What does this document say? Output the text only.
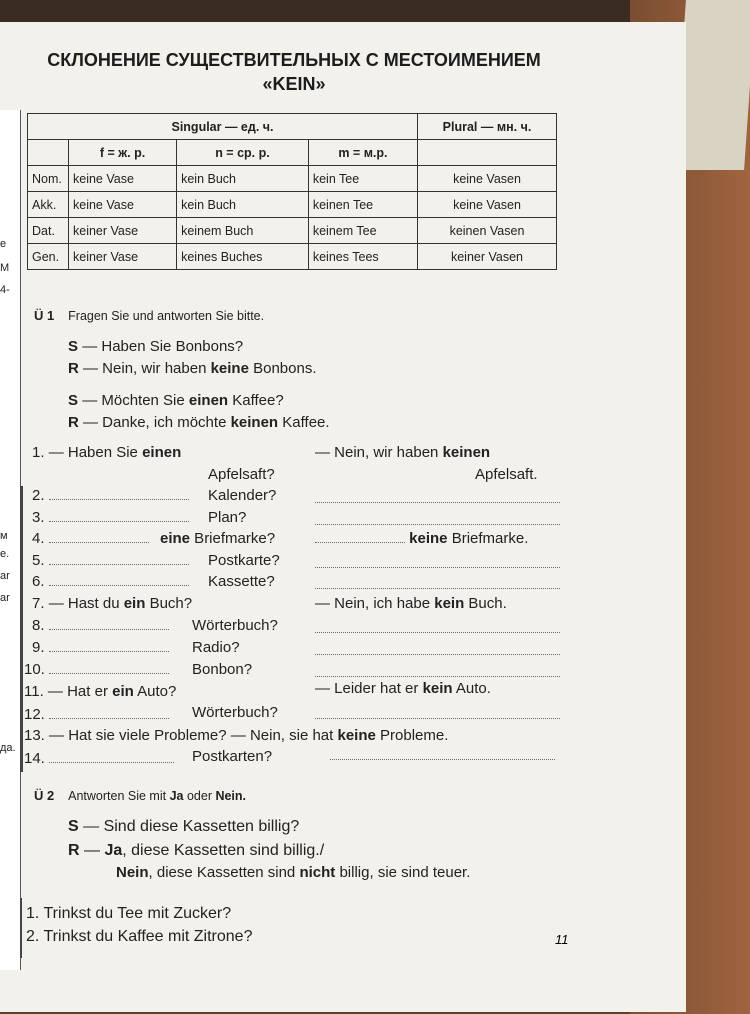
e
M
4-
м
е.
ar
ar
да.
СКЛОНЕНИЕ СУЩЕСТВИТЕЛЬНЫХ С МЕСТОИМЕНИЕМ
«KEIN»
Singular — ед. ч.				Plural — мн. ч.
	f = ж. р.	n = ср. р.	m = м.р.	
Nom.	keine Vase	kein Buch	kein Tee	keine Vasen
Akk.	keine Vase	kein Buch	keinen Tee	keine Vasen
Dat.	keiner Vase	keinem Buch	keinem Tee	keinen Vasen
Gen.	keiner Vase	keines Buches	keines Tees	keiner Vasen
Ü 1 Fragen Sie und antworten Sie bitte.
S — Haben Sie Bonbons?
R — Nein, wir haben keine Bonbons.
S — Möchten Sie einen Kaffee?
R — Danke, ich möchte keinen Kaffee.
1. — Haben Sie einen	— Nein, wir haben keinen
Apfelsaft?	Apfelsaft.
2.	Kalender?
3.	Plan?
4.	eine Briefmarke?	keine Briefmarke.
5.	Postkarte?
6.	Kassette?
7. — Hast du ein Buch?	— Nein, ich habe kein Buch.
8.	Wörterbuch?
9.	Radio?
10.	Bonbon?
11. — Hat er ein Auto?	— Leider hat er kein Auto.
12.	Wörterbuch?
13. — Hat sie viele Probleme? — Nein, sie hat keine Probleme.
14.	Postkarten?
Ü 2 Antworten Sie mit Ja oder Nein.
S — Sind diese Kassetten billig?
R — Ja, diese Kassetten sind billig./
Nein, diese Kassetten sind nicht billig, sie sind teuer.
1. Trinkst du Tee mit Zucker?
2. Trinkst du Kaffee mit Zitrone?	11
